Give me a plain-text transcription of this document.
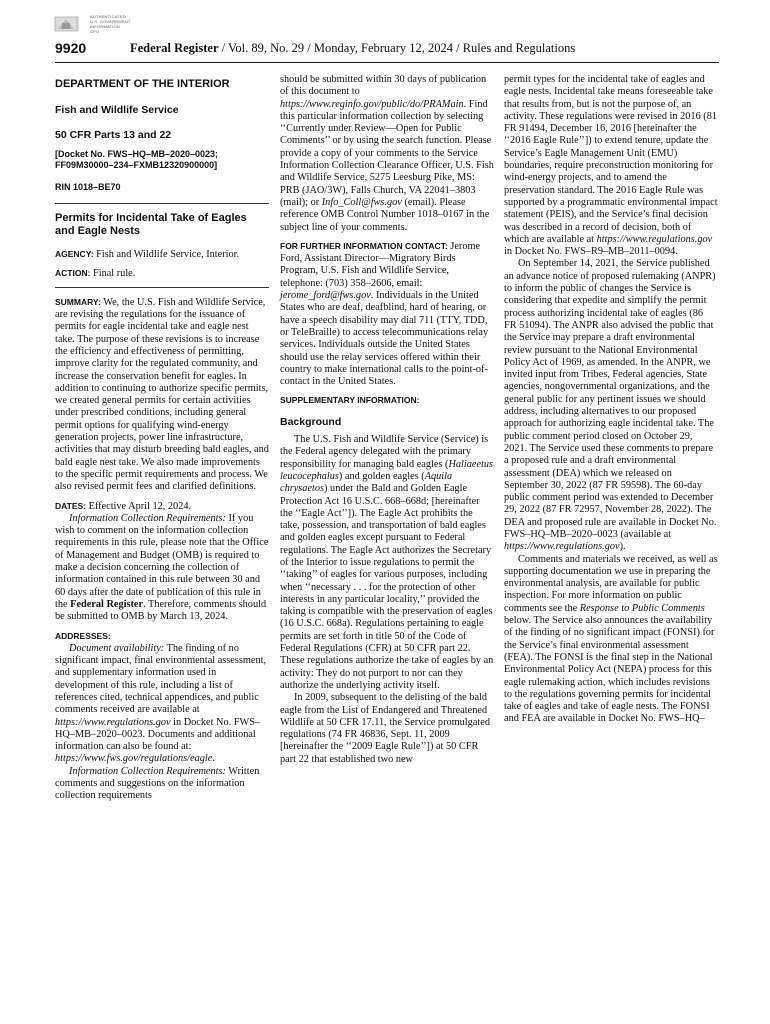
AUTHENTICATED
U.S. GOVERNMENT
INFORMATION
GPO
9920	Federal Register / Vol. 89, No. 29 / Monday, February 12, 2024 / Rules and Regulations
DEPARTMENT OF THE INTERIOR
Fish and Wildlife Service
50 CFR Parts 13 and 22
[Docket No. FWS–HQ–MB–2020–0023; FF09M30000–234–FXMB12320900000]
RIN 1018–BE70
Permits for Incidental Take of Eagles and Eagle Nests

AGENCY: Fish and Wildlife Service, Interior.

ACTION: Final rule.

SUMMARY: We, the U.S. Fish and Wildlife Service, are revising the regulations for the issuance of permits for eagle incidental take and eagle nest take. The purpose of these revisions is to increase the efficiency and effectiveness of permitting, improve clarity for the regulated community, and increase the conservation benefit for eagles. In addition to continuing to authorize specific permits, we created general permits for certain activities under prescribed conditions, including general permit options for qualifying wind-energy generation projects, power line infrastructure, activities that may disturb breeding bald eagles, and bald eagle nest take. We also made improvements to the specific permit requirements and process. We also revised permit fees and clarified definitions.

DATES: Effective April 12, 2024.

Information Collection Requirements: If you wish to comment on the information collection requirements in this rule, please note that the Office of Management and Budget (OMB) is required to make a decision concerning the collection of information contained in this rule between 30 and 60 days after the date of publication of this rule in the Federal Register. Therefore, comments should be submitted to OMB by March 13, 2024.

ADDRESSES:

Document availability: The finding of no significant impact, final environmental assessment, and supplementary information used in development of this rule, including a list of references cited, technical appendices, and public comments received are available at https://www.regulations.gov in Docket No. FWS–HQ–MB–2020–0023. Documents and additional information can also be found at: https://www.fws.gov/regulations/eagle.

Information Collection Requirements: Written comments and suggestions on the information collection requirements

should be submitted within 30 days of publication of this document to https://www.reginfo.gov/public/do/PRAMain. Find this particular information collection by selecting ‘‘Currently under Review—Open for Public Comments’’ or by using the search function. Please provide a copy of your comments to the Service Information Collection Clearance Officer, U.S. Fish and Wildlife Service, 5275 Leesburg Pike, MS: PRB (JAO/3W), Falls Church, VA 22041–3803 (mail); or Info_Coll@fws.gov (email). Please reference OMB Control Number 1018–0167 in the subject line of your comments.

FOR FURTHER INFORMATION CONTACT: Jerome Ford, Assistant Director—Migratory Birds Program, U.S. Fish and Wildlife Service, telephone: (703) 358–2606, email: jerome_ford@fws.gov. Individuals in the United States who are deaf, deafblind, hard of hearing, or have a speech disability may dial 711 (TTY, TDD, or TeleBraille) to access telecommunications relay services. Individuals outside the United States should use the relay services offered within their country to make international calls to the point-of-contact in the United States.

SUPPLEMENTARY INFORMATION:

Background

The U.S. Fish and Wildlife Service (Service) is the Federal agency delegated with the primary responsibility for managing bald eagles (Haliaeetus leucocephalus) and golden eagles (Aquila chrysaetos) under the Bald and Golden Eagle Protection Act 16 U.S.C. 668–668d; [hereinafter the ‘‘Eagle Act’’]). The Eagle Act prohibits the take, possession, and transportation of bald eagles and golden eagles except pursuant to Federal regulations. The Eagle Act authorizes the Secretary of the Interior to issue regulations to permit the ‘‘taking’’ of eagles for various purposes, including when ‘‘necessary . . . for the protection of other interests in any particular locality,’’ provided the taking is compatible with the preservation of eagles (16 U.S.C. 668a). Regulations pertaining to eagle permits are set forth in title 50 of the Code of Federal Regulations (CFR) at 50 CFR part 22. These regulations authorize the take of eagles by an activity: They do not purport to nor can they authorize the underlying activity itself.

In 2009, subsequent to the delisting of the bald eagle from the List of Endangered and Threatened Wildlife at 50 CFR 17.11, the Service promulgated regulations (74 FR 46836, Sept. 11, 2009 [hereinafter the ‘‘2009 Eagle Rule’’]) at 50 CFR part 22 that established two new

permit types for the incidental take of eagles and eagle nests. Incidental take means foreseeable take that results from, but is not the purpose of, an activity. These regulations were revised in 2016 (81 FR 91494, December 16, 2016 [hereinafter the ‘‘2016 Eagle Rule’’]) to extend tenure, update the Service’s Eagle Management Unit (EMU) boundaries, require preconstruction monitoring for wind-energy projects, and to amend the preservation standard. The 2016 Eagle Rule was supported by a programmatic environmental impact statement (PEIS), and the Service’s final decision was described in a record of decision, both of which are available at https://www.regulations.gov in Docket No. FWS–R9–MB–2011–0094.

On September 14, 2021, the Service published an advance notice of proposed rulemaking (ANPR) to inform the public of changes the Service is considering that expedite and simplify the permit process authorizing incidental take of eagles (86 FR 51094). The ANPR also advised the public that the Service may prepare a draft environmental review pursuant to the National Environmental Policy Act of 1969, as amended. In the ANPR, we invited input from Tribes, Federal agencies, State agencies, nongovernmental organizations, and the general public for any pertinent issues we should address, including alternatives to our proposed approach for authorizing eagle incidental take. The public comment period closed on October 29, 2021. The Service used these comments to prepare a proposed rule and a draft environmental assessment (DEA) which we released on September 30, 2022 (87 FR 59598). The 60-day public comment period was extended to December 29, 2022 (87 FR 72957, November 28, 2022). The DEA and proposed rule are available in Docket No. FWS–HQ–MB–2020–0023 (available at https://www.regulations.gov).

Comments and materials we received, as well as supporting documentation we use in preparing the environmental analysis, are available for public inspection. For more information on public comments see the Response to Public Comments below. The Service also announces the availability of the finding of no significant impact (FONSI) for the Service’s final environmental assessment (FEA). The FONSI is the final step in the National Environmental Policy Act (NEPA) process for this eagle rulemaking action, which includes revisions to the regulations governing permits for incidental take of eagles and take of eagle nests. The FONSI and FEA are available in Docket No. FWS–HQ–
